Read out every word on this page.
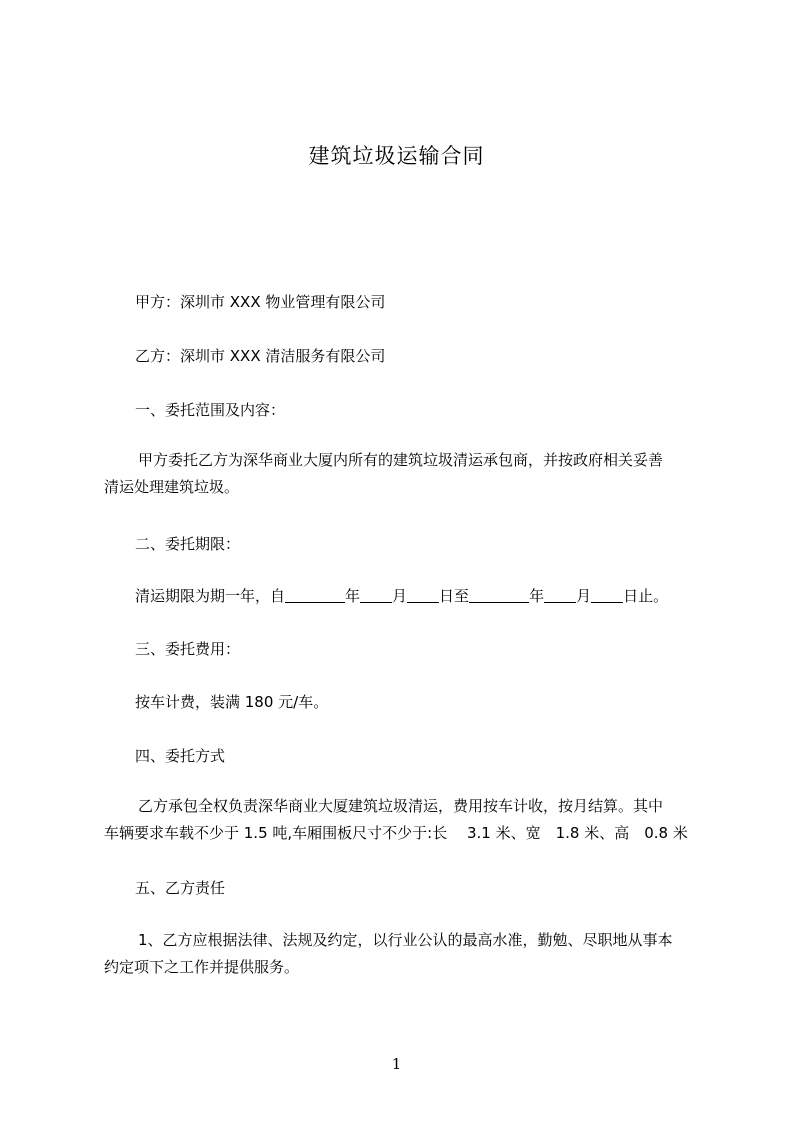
建筑垃圾运输合同
甲方：深圳市 XXX 物业管理有限公司
乙方：深圳市 XXX 清洁服务有限公司
一、委托范围及内容：
甲方委托乙方为深华商业大厦内所有的建筑垃圾清运承包商，并按政府相关妥善
清运处理建筑垃圾。
二、委托期限：
清运期限为期一年，自	年 月 日至	年 月 日止。
三、委托费用：
按车计费，装满 180 元/车。
四、委托方式
乙方承包全权负责深华商业大厦建筑垃圾清运，费用按车计收，按月结算。其中
车辆要求车载不少于 1.5 吨,车厢围板尺寸不少于:长　 3.1 米、宽　1.8 米、高　0.8 米
五、乙方责任
1、乙方应根据法律、法规及约定，以行业公认的最高水准，勤勉、尽职地从事本
约定项下之工作并提供服务。
1
